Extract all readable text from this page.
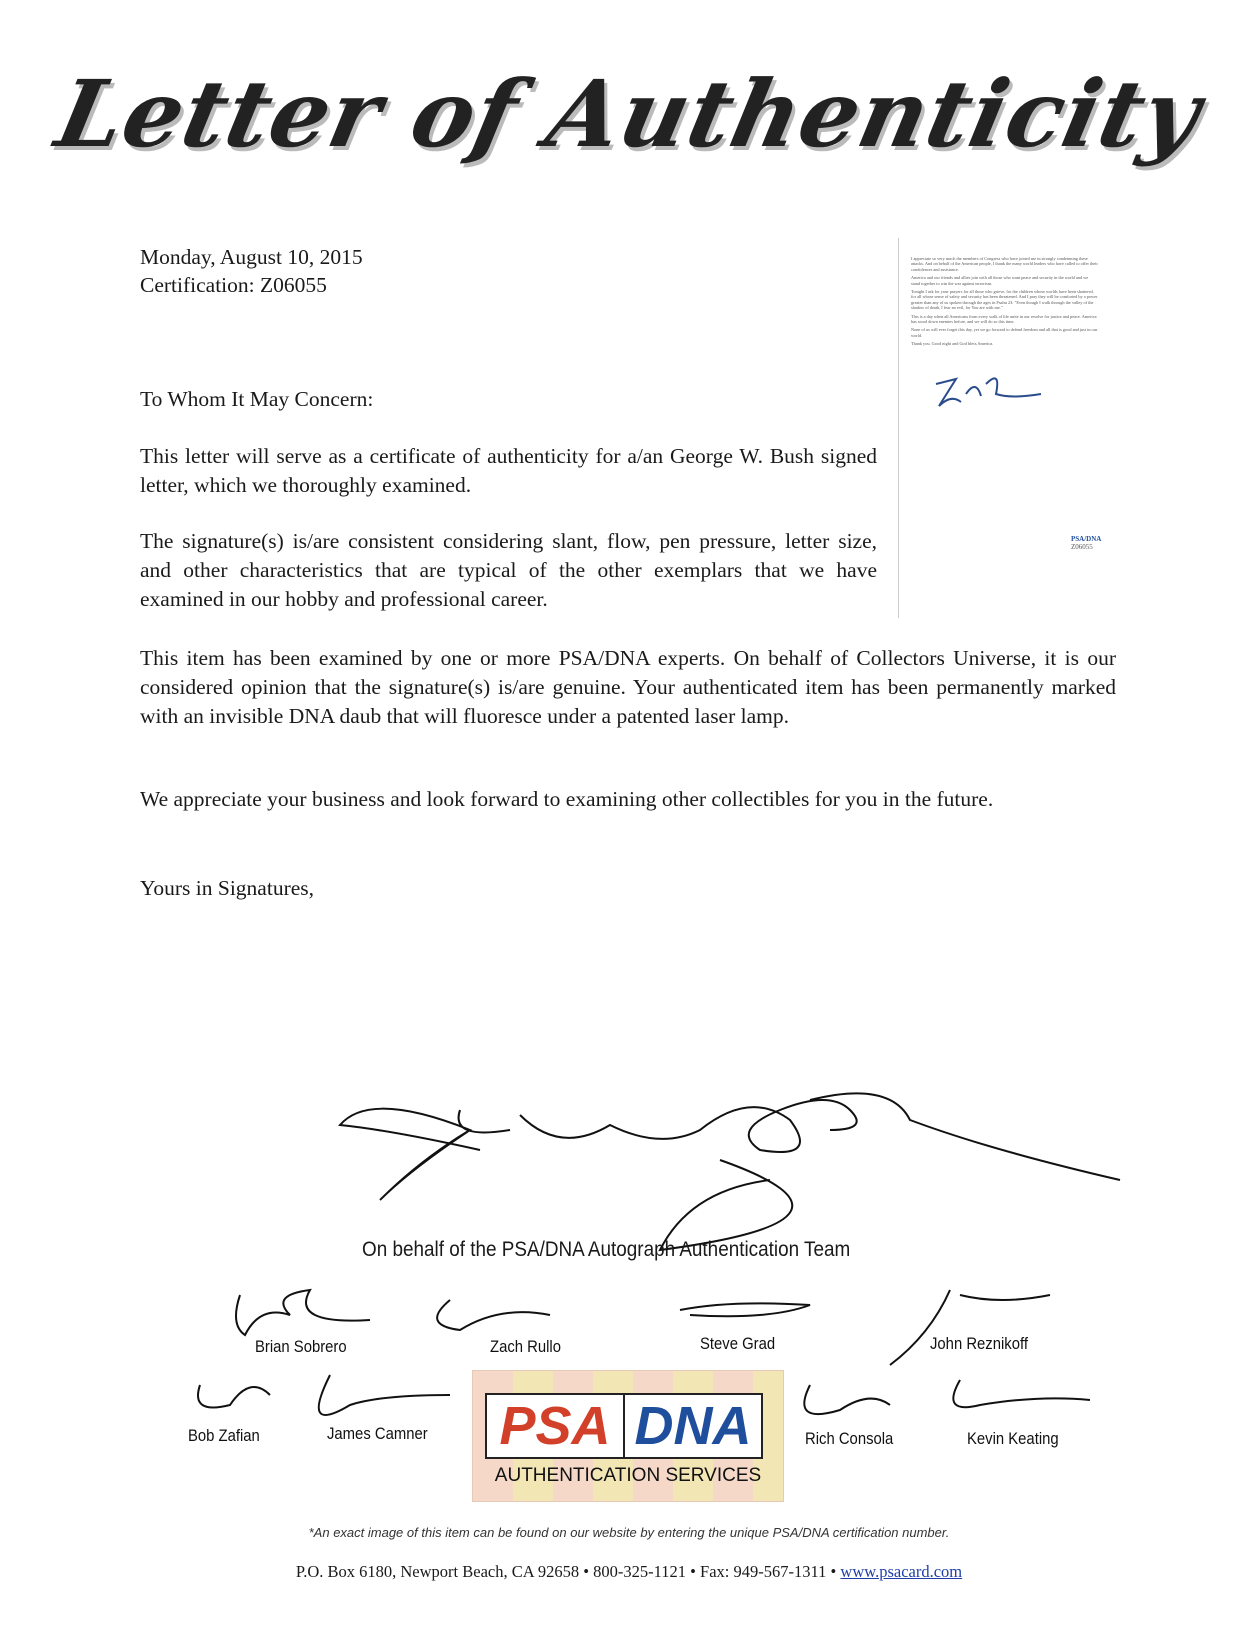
Letter of Authenticity
Monday, August 10, 2015
Certification: Z06055

I appreciate so very much the members of Congress who have joined me in strongly condemning these attacks. And on behalf of the American people, I thank the many world leaders who have called to offer their condolences and assistance.

America and our friends and allies join with all those who want peace and security in the world and we stand together to win the war against terrorism.

Tonight I ask for your prayers for all those who grieve, for the children whose worlds have been shattered, for all whose sense of safety and security has been threatened. And I pray they will be comforted by a power greater than any of us spoken through the ages in Psalm 23: "Even though I walk through the valley of the shadow of death, I fear no evil, for You are with me."

This is a day when all Americans from every walk of life unite in our resolve for justice and peace. America has stood down enemies before, and we will do so this time.

None of us will ever forget this day, yet we go forward to defend freedom and all that is good and just in our world.

Thank you. Good night and God bless America.

PSA/DNA
Z06055
To Whom It May Concern:
This letter will serve as a certificate of authenticity for a/an George W. Bush signed letter, which we thoroughly examined.
The signature(s) is/are consistent considering slant, flow, pen pressure, letter size, and other characteristics that are typical of the other exemplars that we have examined in our hobby and professional career.
This item has been examined by one or more PSA/DNA experts. On behalf of Collectors Universe, it is our considered opinion that the signature(s) is/are genuine. Your authenticated item has been permanently marked with an invisible DNA daub that will fluoresce under a patented laser lamp.
We appreciate your business and look forward to examining other collectibles for you in the future.
Yours in Signatures,
On behalf of the PSA/DNA Autograph Authentication Team
Brian Sobrero	Zach Rullo	Steve Grad	John Reznikoff
Bob Zafian	James Camner	Rich Consola	Kevin Keating
PSA DNA
AUTHENTICATION SERVICES
*An exact image of this item can be found on our website by entering the unique PSA/DNA certification number.
P.O. Box 6180, Newport Beach, CA 92658 • 800-325-1121 • Fax: 949-567-1311 • www.psacard.com
